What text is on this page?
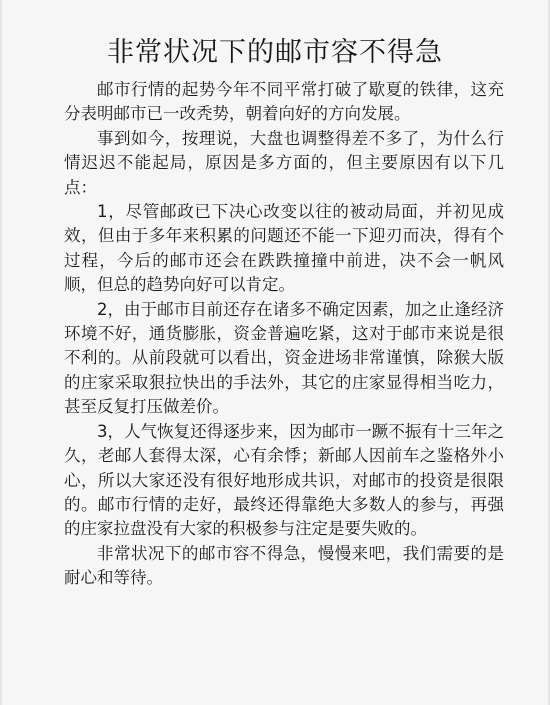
非常状况下的邮市容不得急

邮市行情的起势今年不同平常打破了歇夏的铁律，这充分表明邮市已一改秃势，朝着向好的方向发展。

事到如今，按理说，大盘也调整得差不多了，为什么行情迟迟不能起局，原因是多方面的，但主要原因有以下几点：

1，尽管邮政已下决心改变以往的被动局面，并初见成效，但由于多年来积累的问题还不能一下迎刃而决，得有个过程，今后的邮市还会在跌跌撞撞中前进，决不会一帆风顺，但总的趋势向好可以肯定。

2，由于邮市目前还存在诸多不确定因素，加之止逢经济环境不好，通货膨胀，资金普遍吃紧，这对于邮市来说是很不利的。从前段就可以看出，资金进场非常谨慎，除猴大版的庄家采取狠拉快出的手法外，其它的庄家显得相当吃力，甚至反复打压做差价。

3，人气恢复还得逐步来，因为邮市一蹶不振有十三年之久，老邮人套得太深，心有余悸；新邮人因前车之鉴格外小心，所以大家还没有很好地形成共识，对邮市的投资是很限的。邮市行情的走好，最终还得靠绝大多数人的参与，再强的庄家拉盘没有大家的积极参与注定是要失败的。

非常状况下的邮市容不得急，慢慢来吧，我们需要的是耐心和等待。
